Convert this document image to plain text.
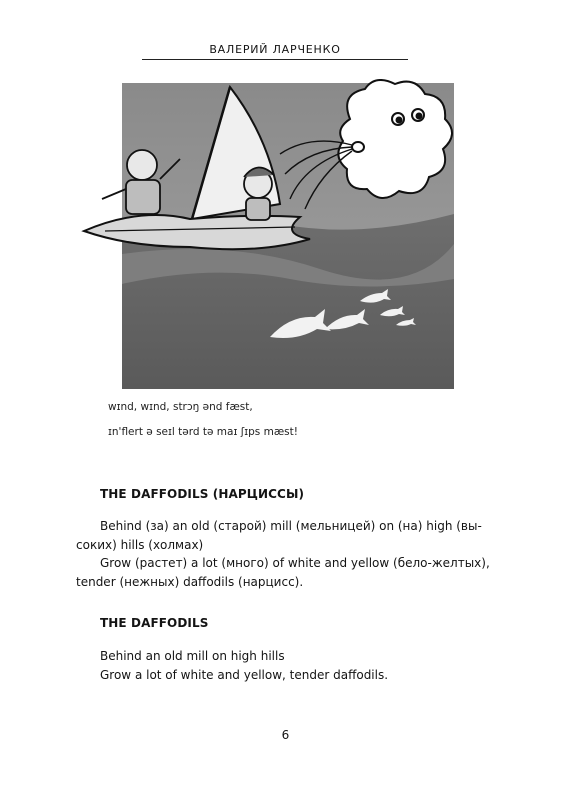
ВАЛЕРИЙ ЛАРЧЕНКО
wɪnd, wɪnd, strɔŋ ənd fæst,
ɪn'flert ə seɪl tərd tə maɪ ʃɪps mæst!
THE DAFFODILS (НАРЦИССЫ)
Behind (за) an old (старой) mill (мельницей) on (на) high (вы-
соких) hills (холмах)
Grow (растет) a lot (много) of white and yellow (бело-желтых),
tender (нежных) daffodils (нарцисс).
THE DAFFODILS
Behind an old mill on high hills
Grow a lot of white and yellow, tender daffodils.
6
